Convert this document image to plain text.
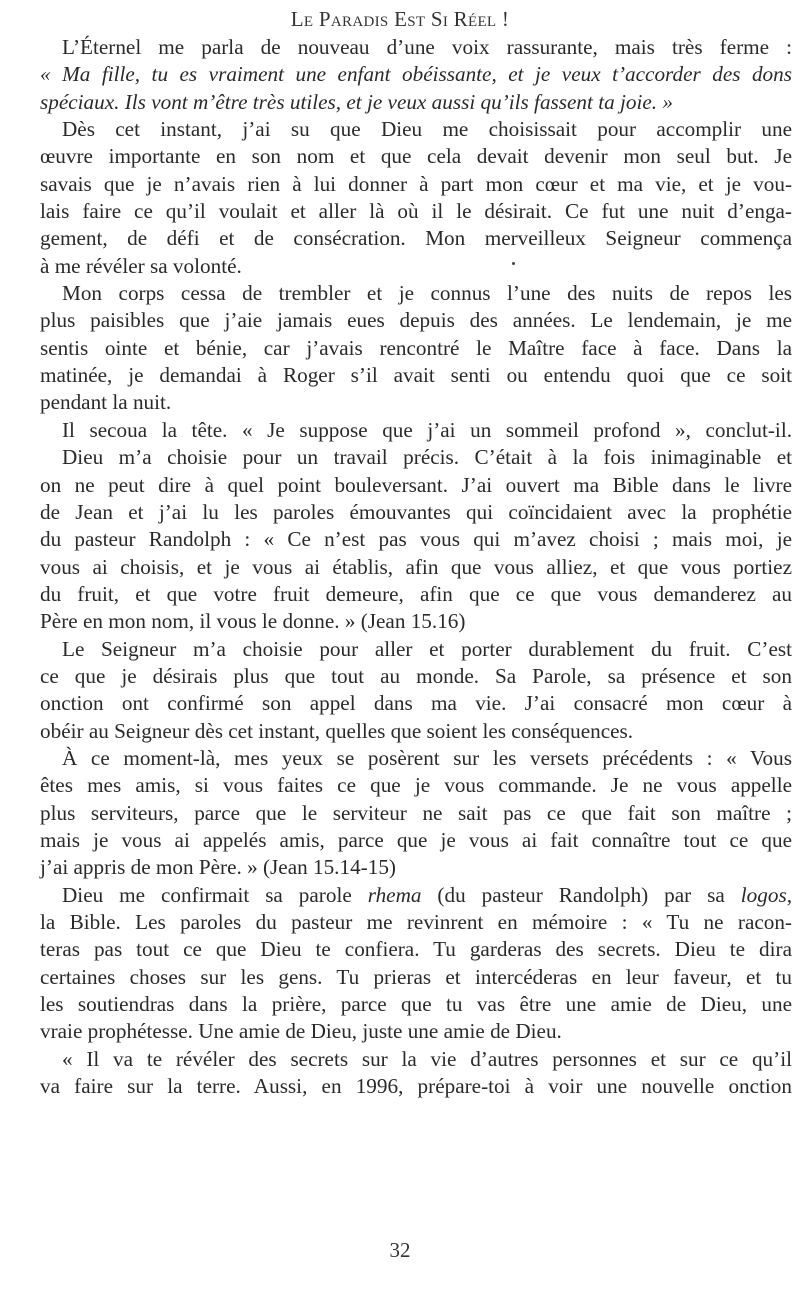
Le Paradis Est Si Réel !
L’Éternel me parla de nouveau d’une voix rassurante, mais très ferme :
« Ma fille, tu es vraiment une enfant obéissante, et je veux t’accorder des dons
spéciaux. Ils vont m’être très utiles, et je veux aussi qu’ils fassent ta joie. »
Dès cet instant, j’ai su que Dieu me choisissait pour accomplir une
œuvre importante en son nom et que cela devait devenir mon seul but. Je
savais que je n’avais rien à lui donner à part mon cœur et ma vie, et je vou-
lais faire ce qu’il voulait et aller là où il le désirait. Ce fut une nuit d’enga-
gement, de défi et de consécration. Mon merveilleux Seigneur commença
à me révéler sa volonté.
Mon corps cessa de trembler et je connus l’une des nuits de repos les
plus paisibles que j’aie jamais eues depuis des années. Le lendemain, je me
sentis ointe et bénie, car j’avais rencontré le Maître face à face. Dans la
matinée, je demandai à Roger s’il avait senti ou entendu quoi que ce soit
pendant la nuit.
Il secoua la tête. « Je suppose que j’ai un sommeil profond », conclut-il.
Dieu m’a choisie pour un travail précis. C’était à la fois inimaginable et
on ne peut dire à quel point bouleversant. J’ai ouvert ma Bible dans le livre
de Jean et j’ai lu les paroles émouvantes qui coïncidaient avec la prophétie
du pasteur Randolph : « Ce n’est pas vous qui m’avez choisi ; mais moi, je
vous ai choisis, et je vous ai établis, afin que vous alliez, et que vous portiez
du fruit, et que votre fruit demeure, afin que ce que vous demanderez au
Père en mon nom, il vous le donne. » (Jean 15.16)
Le Seigneur m’a choisie pour aller et porter durablement du fruit. C’est
ce que je désirais plus que tout au monde. Sa Parole, sa présence et son
onction ont confirmé son appel dans ma vie. J’ai consacré mon cœur à
obéir au Seigneur dès cet instant, quelles que soient les conséquences.
À ce moment-là, mes yeux se posèrent sur les versets précédents : « Vous
êtes mes amis, si vous faites ce que je vous commande. Je ne vous appelle
plus serviteurs, parce que le serviteur ne sait pas ce que fait son maître ;
mais je vous ai appelés amis, parce que je vous ai fait connaître tout ce que
j’ai appris de mon Père. » (Jean 15.14-15)
Dieu me confirmait sa parole rhema (du pasteur Randolph) par sa logos,
la Bible. Les paroles du pasteur me revinrent en mémoire : « Tu ne racon-
teras pas tout ce que Dieu te confiera. Tu garderas des secrets. Dieu te dira
certaines choses sur les gens. Tu prieras et intercéderas en leur faveur, et tu
les soutiendras dans la prière, parce que tu vas être une amie de Dieu, une
vraie prophétesse. Une amie de Dieu, juste une amie de Dieu.
« Il va te révéler des secrets sur la vie d’autres personnes et sur ce qu’il
va faire sur la terre. Aussi, en 1996, prépare-toi à voir une nouvelle onction
32
